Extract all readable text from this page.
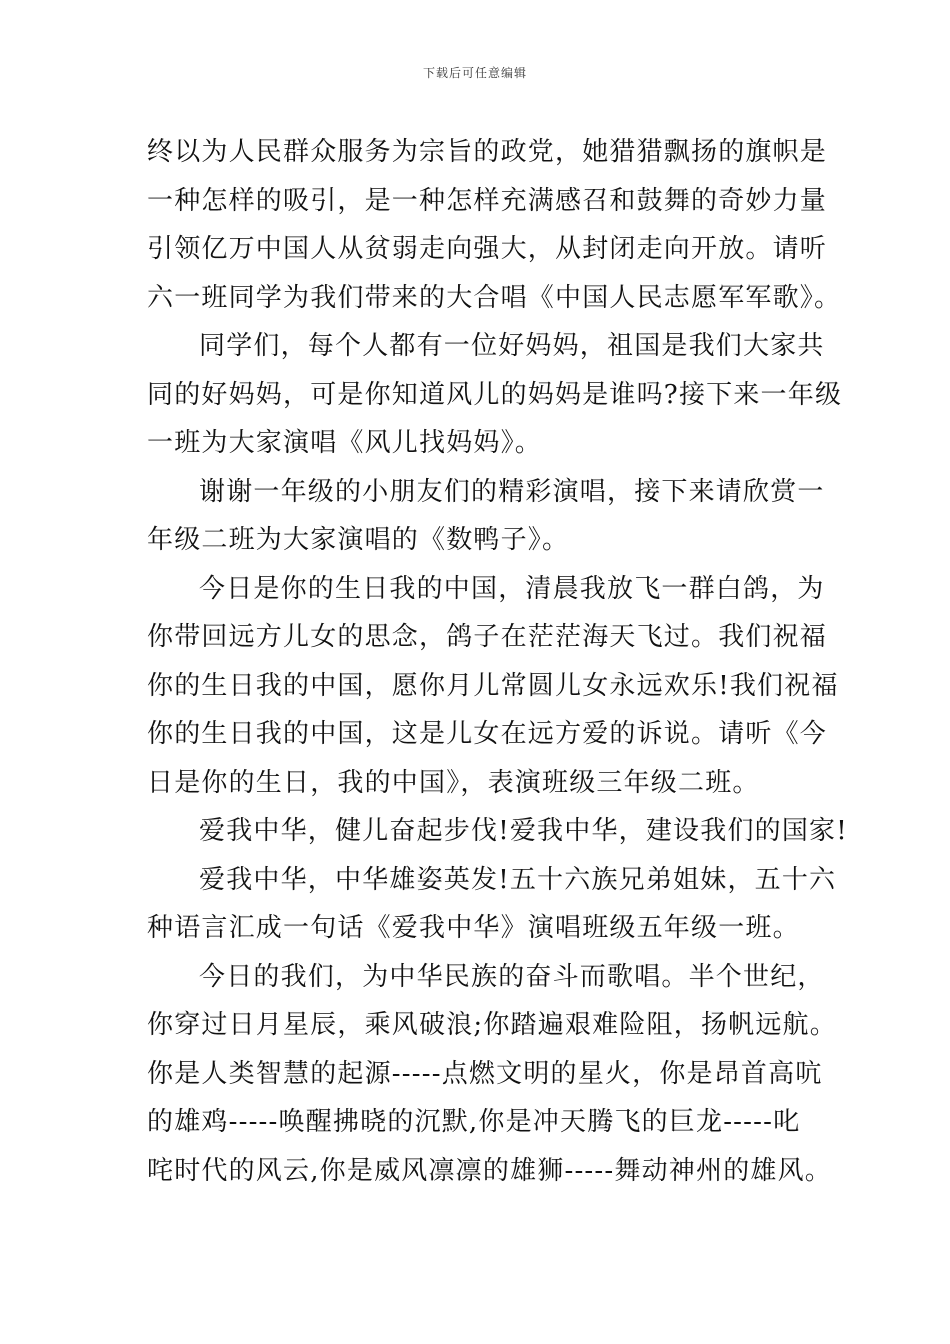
下载后可任意编辑
终以为人民群众服务为宗旨的政党，她猎猎飘扬的旗帜是
一种怎样的吸引，是一种怎样充满感召和鼓舞的奇妙力量
引领亿万中国人从贫弱走向强大，从封闭走向开放。请听
六一班同学为我们带来的大合唱《中国人民志愿军军歌》。
同学们，每个人都有一位好妈妈，祖国是我们大家共
同的好妈妈，可是你知道风儿的妈妈是谁吗?接下来一年级
一班为大家演唱《风儿找妈妈》。
谢谢一年级的小朋友们的精彩演唱，接下来请欣赏一
年级二班为大家演唱的《数鸭子》。
今日是你的生日我的中国，清晨我放飞一群白鸽，为
你带回远方儿女的思念，鸽子在茫茫海天飞过。我们祝福
你的生日我的中国，愿你月儿常圆儿女永远欢乐!我们祝福
你的生日我的中国，这是儿女在远方爱的诉说。请听《今
日是你的生日，我的中国》，表演班级三年级二班。
爱我中华，健儿奋起步伐!爱我中华，建设我们的国家!
爱我中华，中华雄姿英发!五十六族兄弟姐妹，五十六
种语言汇成一句话《爱我中华》演唱班级五年级一班。
今日的我们，为中华民族的奋斗而歌唱。半个世纪，
你穿过日月星辰，乘风破浪;你踏遍艰难险阻，扬帆远航。
你是人类智慧的起源-----点燃文明的星火，你是昂首高吭
的雄鸡-----唤醒拂晓的沉默,你是冲天腾飞的巨龙-----叱
咤时代的风云,你是威风凛凛的雄狮-----舞动神州的雄风。
